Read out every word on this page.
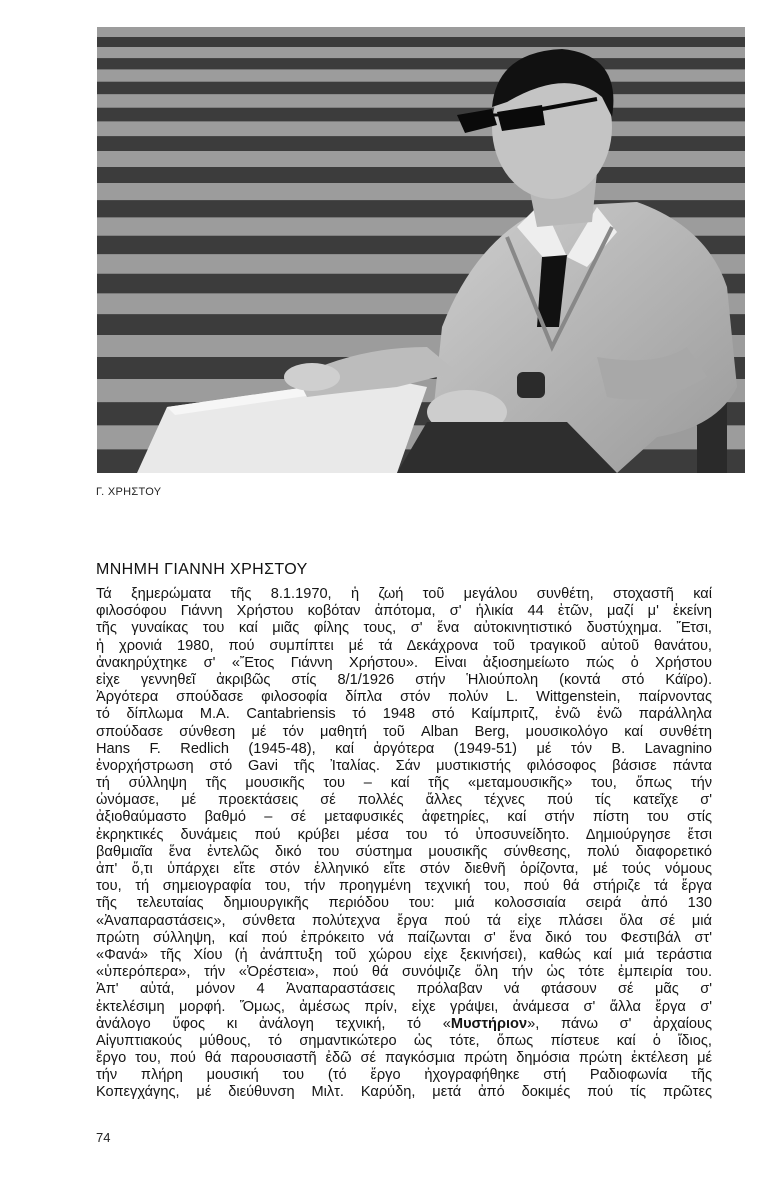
Γ. ΧΡΗΣΤΟΥ
ΜΝΗΜΗ ΓΙΑΝΝΗ ΧΡΗΣΤΟΥ
Τά ξημερώματα τῆς 8.1.1970, ἡ ζωή τοῦ μεγάλου συνθέτη, στοχαστῆ καί
φιλοσόφου Γιάννη Χρήστου κοβόταν ἀπότομα, σ' ἡλικία 44 ἐτῶν, μαζί μ' ἐκείνη
τῆς γυναίκας του καί μιᾶς φίλης τους, σ' ἕνα αὐτοκινητιστικό δυστύχημα. Ἔτσι,
ἡ χρονιά 1980, πού συμπίπτει μέ τά Δεκάχρονα τοῦ τραγικοῦ αὐτοῦ θανάτου,
ἀνακηρύχτηκε σ' «Ἔτος Γιάννη Χρήστου». Εἶναι ἀξιοσημείωτο πώς ὁ Χρήστου
εἶχε γεννηθεῖ ἀκριβῶς στίς 8/1/1926 στήν Ἡλιούπολη (κοντά στό Κάϊρο).
Ἀργότερα σπούδασε φιλοσοφία δίπλα στόν πολύν L. Wittgenstein, παίρνοντας
τό δίπλωμα M.A. Cantabriensis τό 1948 στό Καίμπριτζ, ἐνῶ ἐνῶ παράλληλα
σπούδασε σύνθεση μέ τόν μαθητή τοῦ Alban Berg, μουσικολόγο καί συνθέτη
Hans F. Redlich (1945-48), καί ἀργότερα (1949-51) μέ τόν B. Lavagnino
ἐνορχήστρωση στό Gavi τῆς Ἰταλίας. Σάν μυστικιστής φιλόσοφος βάσισε πάντα
τή σύλληψη τῆς μουσικῆς του – καί τῆς «μεταμουσικῆς» του, ὅπως τήν
ὠνόμασε, μέ προεκτάσεις σέ πολλές ἄλλες τέχνες πού τίς κατεῖχε σ'
ἀξιοθαύμαστο βαθμό – σέ μεταφυσικές ἀφετηρίες, καί στήν πίστη του στίς
ἐκρηκτικές δυνάμεις πού κρύβει μέσα του τό ὑποσυνείδητο. Δημιούργησε ἔτσι
βαθμιαῖα ἕνα ἐντελῶς δικό του σύστημα μουσικῆς σύνθεσης, πολύ διαφορετικό
ἀπ' ὅ,τι ὑπάρχει εἴτε στόν ἑλληνικό εἴτε στόν διεθνῆ ὁρίζοντα, μέ τούς νόμους
του, τή σημειογραφία του, τήν προηγμένη τεχνική του, πού θά στήριζε τά ἔργα
τῆς τελευταίας δημιουργικῆς περιόδου του: μιά κολοσσιαία σειρά ἀπό 130
«Ἀναπαραστάσεις», σύνθετα πολύτεχνα ἔργα πού τά εἶχε πλάσει ὅλα σέ μιά
πρώτη σύλληψη, καί πού ἐπρόκειτο νά παίζωνται σ' ἕνα δικό του Φεστιβάλ στ'
«Φανά» τῆς Χίου (ἡ ἀνάπτυξη τοῦ χώρου εἶχε ξεκινήσει), καθώς καί μιά τεράστια
«ὑπερόπερα», τήν «Ὀρέστεια», πού θά συνόψιζε ὅλη τήν ὡς τότε ἐμπειρία του.
Ἀπ' αὐτά, μόνον 4 Ἀναπαραστάσεις πρόλαβαν νά φτάσουν σέ μᾶς σ'
ἐκτελέσιμη μορφή. Ὅμως, ἀμέσως πρίν, εἶχε γράψει, ἀνάμεσα σ' ἄλλα ἔργα σ'
ἀνάλογο ὕφος κι ἀνάλογη τεχνική, τό «Μυστήριον», πάνω σ' ἀρχαίους
Αἰγυπτιακούς μύθους, τό σημαντικώτερο ὡς τότε, ὅπως πίστευε καί ὁ ἴδιος,
ἔργο του, πού θά παρουσιαστῆ ἐδῶ σέ παγκόσμια πρώτη δημόσια πρώτη ἐκτέλεση μέ
τήν πλήρη μουσική του (τό ἔργο ἠχογραφήθηκε στή Ραδιοφωνία τῆς
Κοπεγχάγης, μέ διεύθυνση Μιλτ. Καρύδη, μετά ἀπό δοκιμές πού τίς πρῶτες
74
